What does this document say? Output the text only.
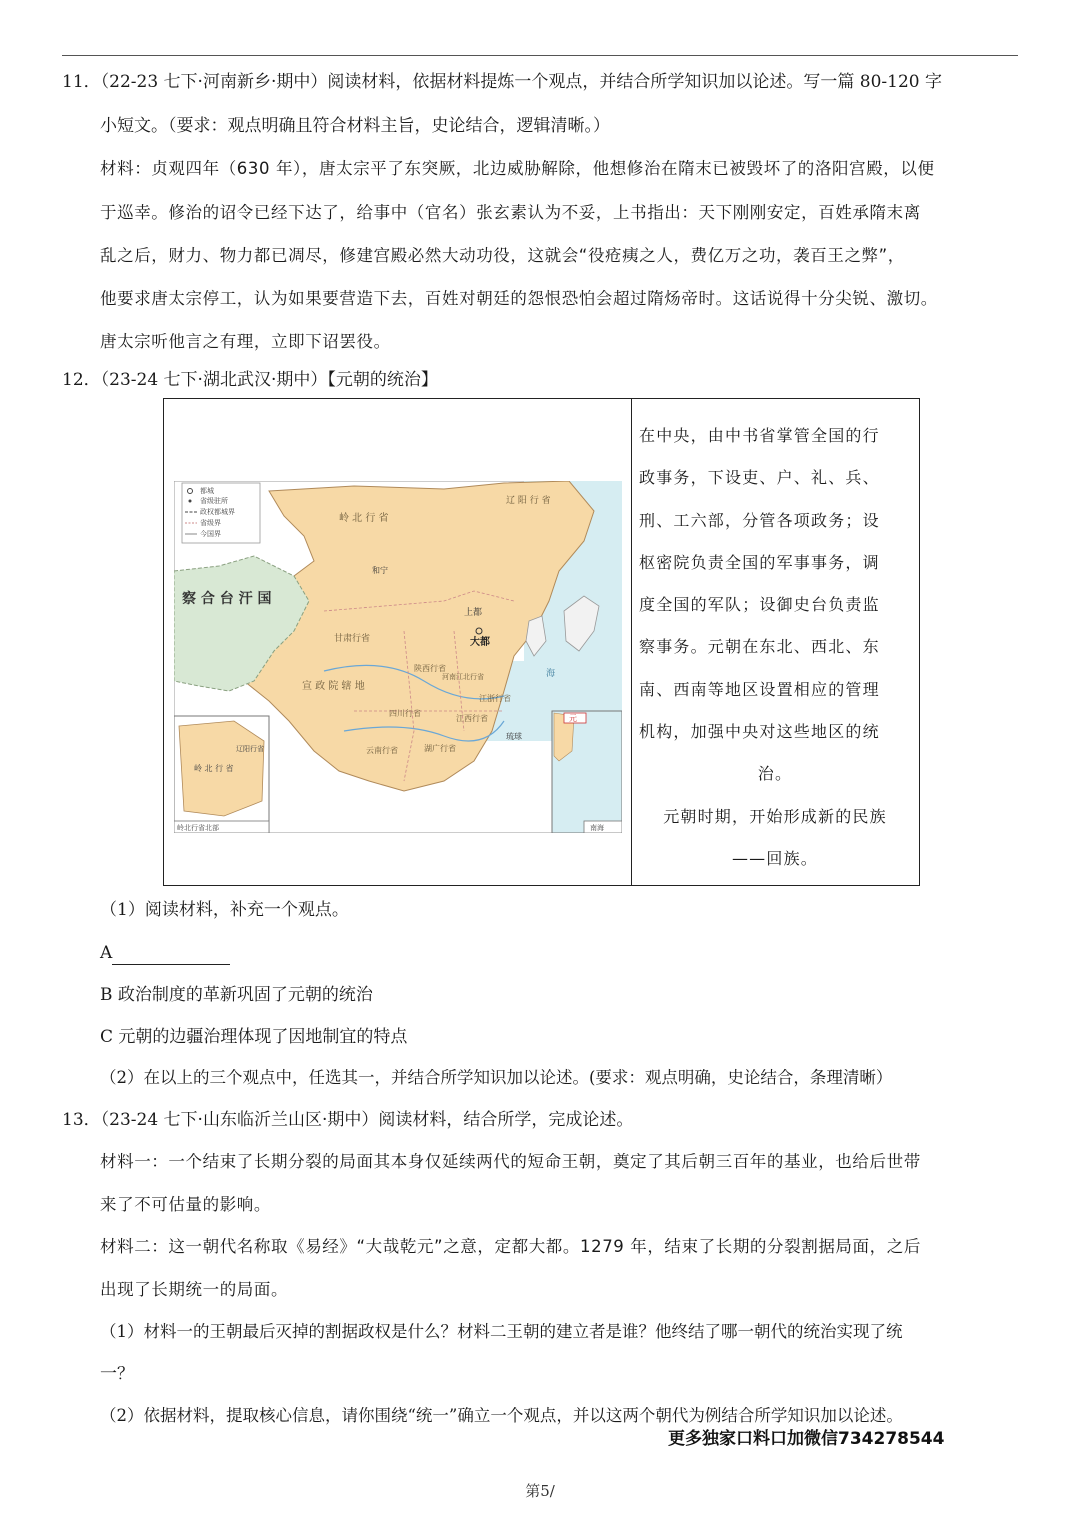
11．（22-23 七下·河南新乡·期中）阅读材料，依据材料提炼一个观点，并结合所学知识加以论述。写一篇 80-120 字
小短文。（要求：观点明确且符合材料主旨，史论结合，逻辑清晰。）
材料：贞观四年（630 年），唐太宗平了东突厥，北边威胁解除，他想修治在隋末已被毁坏了的洛阳宫殿，以便
于巡幸。修治的诏令已经下达了，给事中（官名）张玄素认为不妥，上书指出：天下刚刚安定，百姓承隋末离
乱之后，财力、物力都已凋尽，修建宫殿必然大动功役，这就会“役疮痍之人，费亿万之功，袭百王之弊”，
他要求唐太宗停工，认为如果要营造下去，百姓对朝廷的怨恨恐怕会超过隋炀帝时。这话说得十分尖锐、激切。
唐太宗听他言之有理，立即下诏罢役。
12．（23-24 七下·湖北武汉·期中）【元朝的统治】
都城
省级驻所
政权都城界
省级界
今国界
岭 北 行 省
辽 阳 行 省
察 合 台 汗 国
和宁
上都
大都
甘肃行省
陕西行省
河南江北行省
宣 政 院 辖 地
四川行省
云南行省	湖广行省
江西行省
江浙行省
琉球
海
岭 北 行 省
辽阳行省
岭北行省北部
元
南海
在中央，由中书省掌管全国的行
政事务，下设吏、户、礼、兵、
刑、工六部，分管各项政务；设
枢密院负责全国的军事事务，调
度全国的军队；设御史台负责监
察事务。元朝在东北、西北、东
南、西南等地区设置相应的管理
机构，加强中央对这些地区的统
治。
元朝时期，开始形成新的民族
——回族。
（1）阅读材料，补充一个观点。
A
B 政治制度的革新巩固了元朝的统治
C 元朝的边疆治理体现了因地制宜的特点
（2）在以上的三个观点中，任选其一，并结合所学知识加以论述。(要求：观点明确，史论结合，条理清晰）
13．（23-24 七下·山东临沂兰山区·期中）阅读材料，结合所学，完成论述。
材料一：一个结束了长期分裂的局面其本身仅延续两代的短命王朝，奠定了其后朝三百年的基业，也给后世带
来了不可估量的影响。
材料二：这一朝代名称取《易经》“大哉乾元”之意，定都大都。1279 年，结束了长期的分裂割据局面，之后
出现了长期统一的局面。
（1）材料一的王朝最后灭掉的割据政权是什么？材料二王朝的建立者是谁？他终结了哪一朝代的统治实现了统
一？
（2）依据材料，提取核心信息，请你围绕“统一”确立一个观点，并以这两个朝代为例结合所学知识加以论述。
更多独家口料口加微信734278544
第5/
